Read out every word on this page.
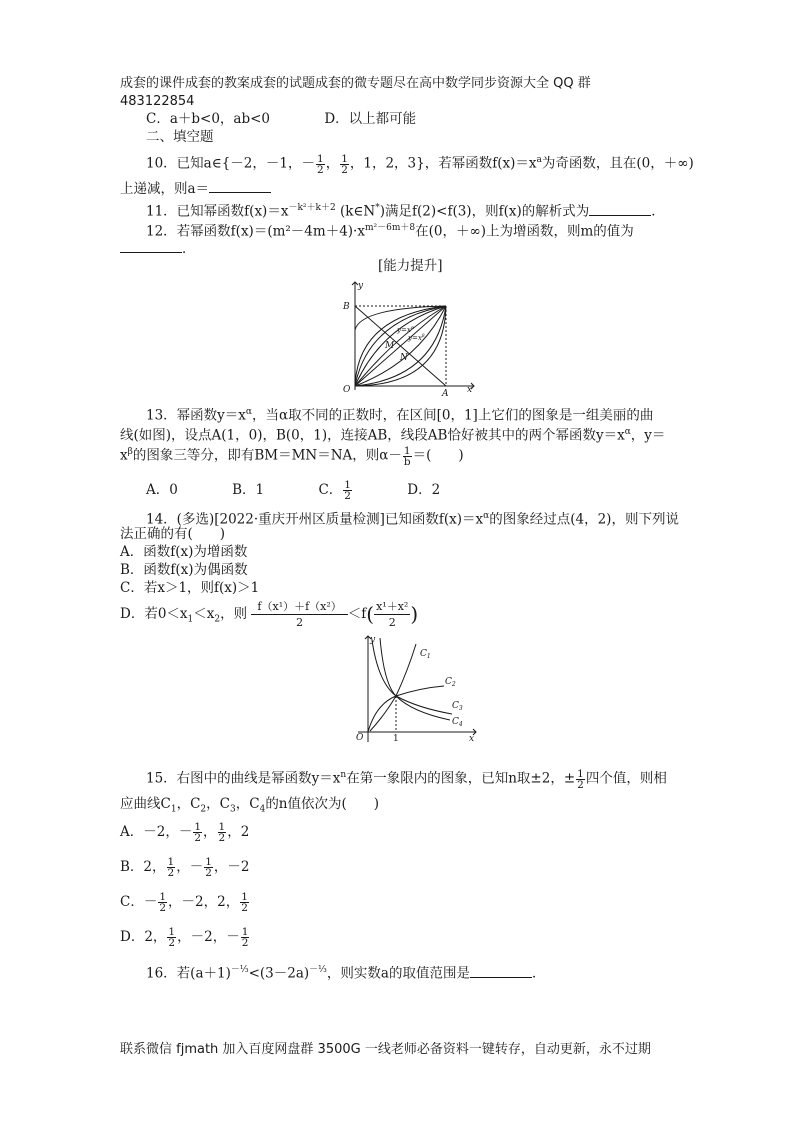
成套的课件成套的教案成套的试题成套的微专题尽在高中数学同步资源大全 QQ 群
483122854
C．a＋b<0，ab<0	D．以上都可能
二、填空题
10．已知a∈{－2，－1，－ $\frac{1}{2}$ ， $\frac{1}{2}$ ，1，2，3}，若幂函数$f(x)=x^a$为奇函数，且在(0，＋∞)
上递减，则a＝
11．已知幂函数$f(x)=x^{-k^2+k+2}$ (k∈N*)满足f(2)<f(3)，则f(x)的解析式为	．
12．若幂函数$f(x)=(m^2-4m+4)\cdot x^{m^2-6m+8}$在(0，＋∞)上为增函数，则m的值为
．
[能力提升]
B
O	A x
y
M
N
$y=x^\alpha$
$y=x^\beta$
13．幂函数$y=x^\alpha$，当α取不同的正数时，在区间[0，1]上它们的图象是一组美丽的曲
线(如图)，设点A(1，0)，B(0，1)，连接AB，线段AB恰好被其中的两个幂函数$y=x^\alpha$，y＝
$x^\beta$的图象三等分，即有BM＝MN＝NA，则$\alpha- \frac{1}{b}$ ＝(　　)
A．0	B．1	C． $\frac{1}{2}$	D．2
14．(多选)[2022·重庆开州区质量检测]已知函数$f(x)=x^\alpha$的图象经过点(4，2)，则下列说
法正确的有(　　)
A．函数f(x)为增函数
B．函数f(x)为偶函数
C．若x＞1，则f(x)＞1
D．若$0<x_1<x_2$，则 $\frac{\text{f（x¹）＋f（x²）}}{2} <f( \frac{\text{x¹＋x²}}{2}$ )
y
O	1	x
$C_1$
$C_2$
$C_3$
$C_4$
15．右图中的曲线是幂函数$y=x^n$在第一象限内的图象，已知n取±2，± $\frac{1}{2}$ 四个值，则相
应曲线$C_1$，$C_2$，$C_3$，$C_4$的n值依次为(　　)
A．－2，－ $\frac{1}{2}$ ， $\frac{1}{2}$ ，2
B．2， $\frac{1}{2}$ ，－ $\frac{1}{2}$ ，－2
C．－ $\frac{1}{2}$ ，－2，2， $\frac{1}{2}$
D．2， $\frac{1}{2}$ ，－2，－ $\frac{1}{2}$
16．若$(a+1)^{-\frac{1}{3}}<(3-2a)^{-\frac{1}{3}}$，则实数a的取值范围是	．
联系微信 fjmath 加入百度网盘群 3500G 一线老师必备资料一键转存，自动更新，永不过期
